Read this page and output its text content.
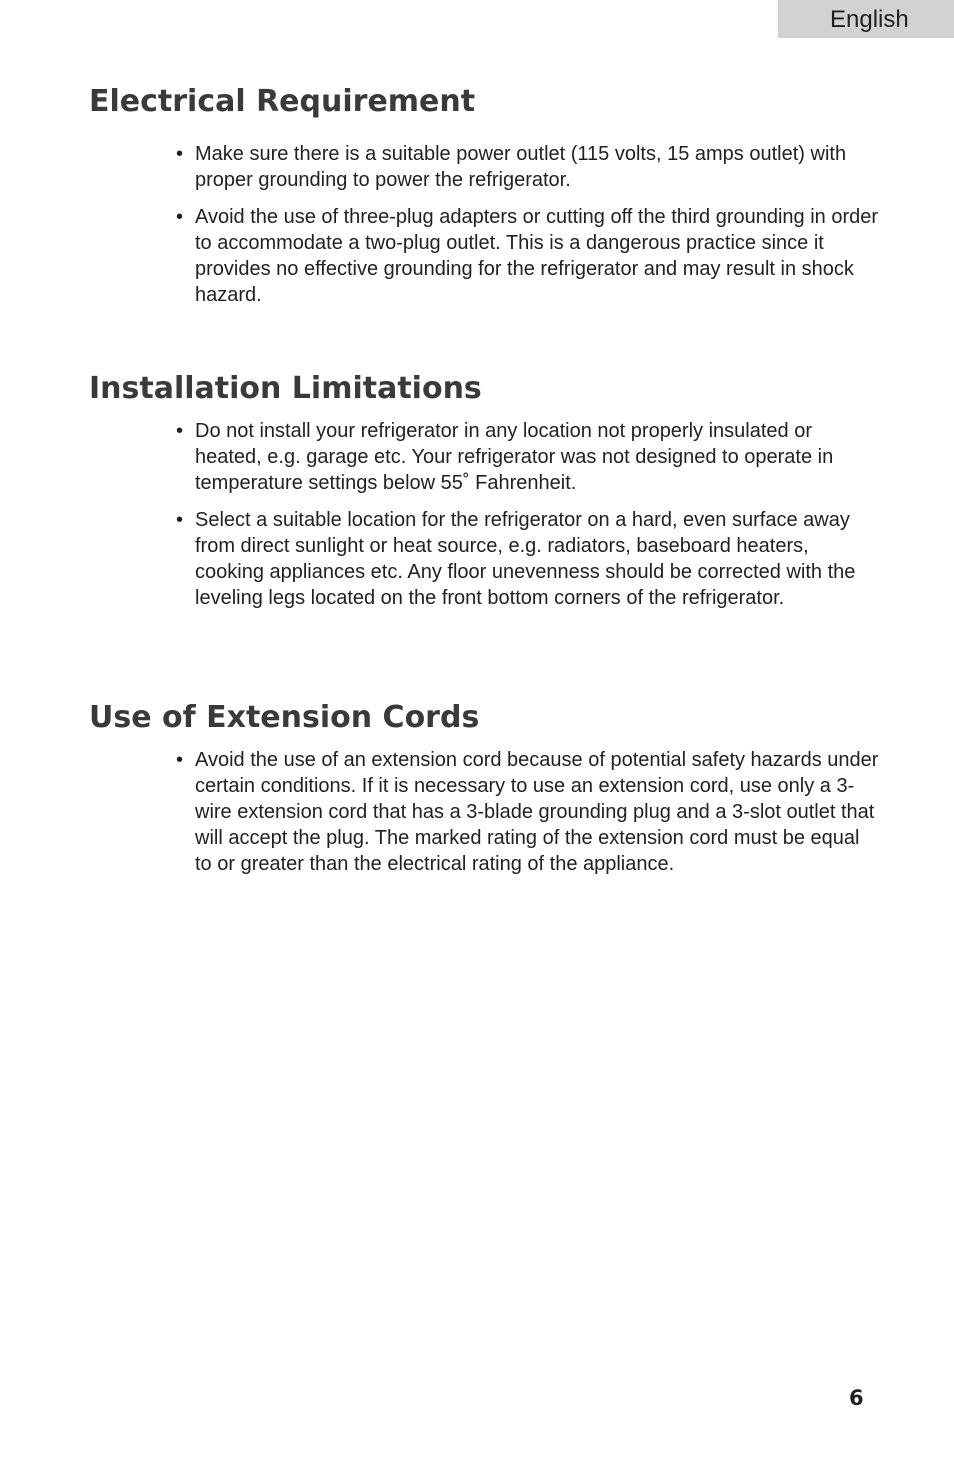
English
Electrical Requirement
• Make sure there is a suitable power outlet (115 volts, 15 amps outlet) with proper grounding to power the refrigerator.
• Avoid the use of three-plug adapters or cutting off the third grounding in order to accommodate a two-plug outlet. This is a dangerous practice since it provides no effective grounding for the refrigerator and may result in shock hazard.
Installation Limitations
• Do not install your refrigerator in any location not properly insulated or heated, e.g. garage etc. Your refrigerator was not designed to operate in temperature settings below 55˚ Fahrenheit.
• Select a suitable location for the refrigerator on a hard, even surface away from direct sunlight or heat source, e.g. radiators, baseboard heaters, cooking appliances etc. Any floor unevenness should be corrected with the leveling legs located on the front bottom corners of the refrigerator.
Use of Extension Cords
• Avoid the use of an extension cord because of potential safety hazards under certain conditions. If it is necessary to use an extension cord, use only a 3-wire extension cord that has a 3-blade grounding plug and a 3-slot outlet that will accept the plug. The marked rating of the extension cord must be equal to or greater than the electrical rating of the appliance.
6
